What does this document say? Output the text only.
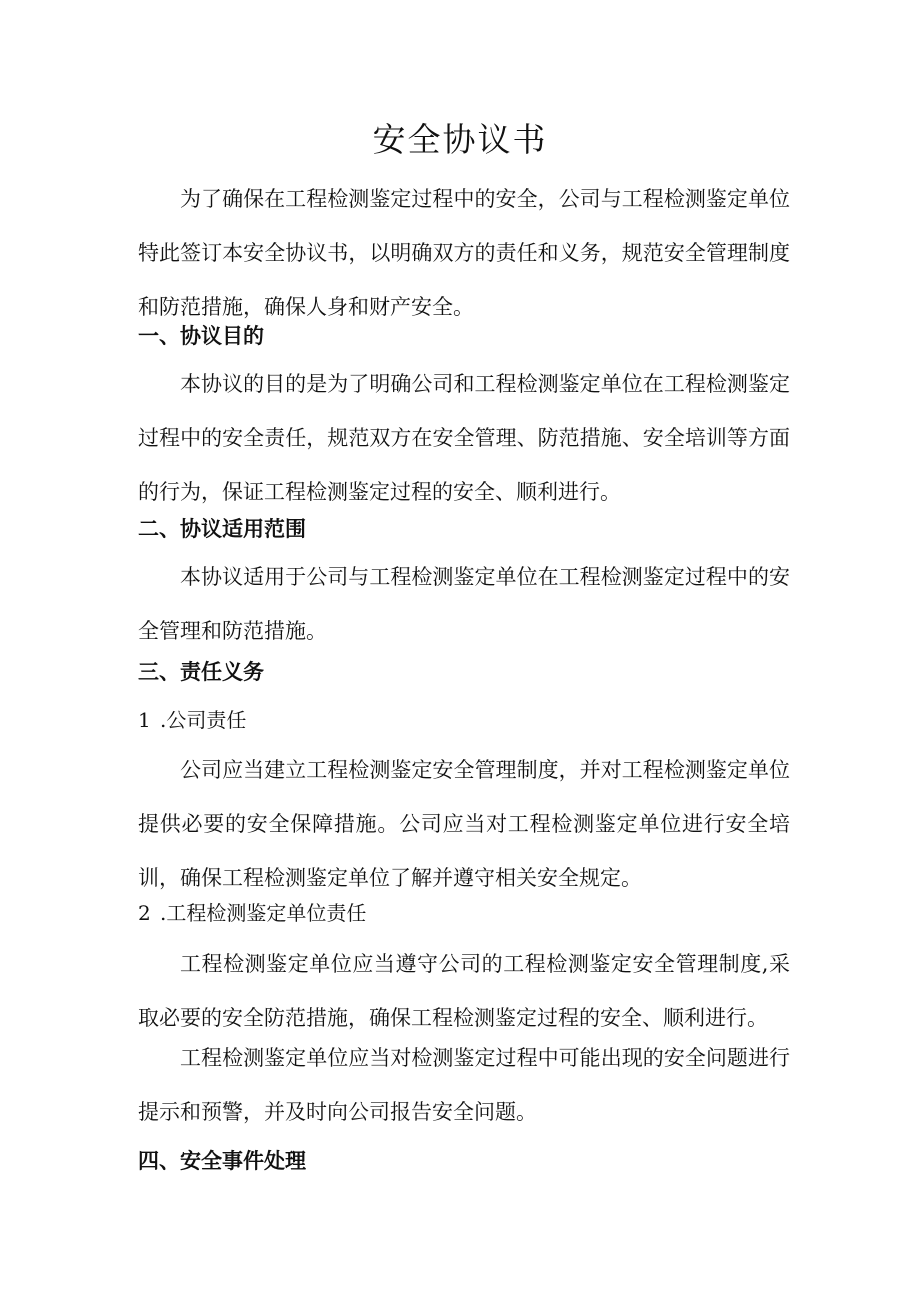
安全协议书

为了确保在工程检测鉴定过程中的安全，公司与工程检测鉴定单位特此签订本安全协议书，以明确双方的责任和义务，规范安全管理制度和防范措施，确保人身和财产安全。

一、协议目的

本协议的目的是为了明确公司和工程检测鉴定单位在工程检测鉴定过程中的安全责任，规范双方在安全管理、防范措施、安全培训等方面的行为，保证工程检测鉴定过程的安全、顺利进行。

二、协议适用范围

本协议适用于公司与工程检测鉴定单位在工程检测鉴定过程中的安全管理和防范措施。

三、责任义务
1 .公司责任

公司应当建立工程检测鉴定安全管理制度，并对工程检测鉴定单位提供必要的安全保障措施。公司应当对工程检测鉴定单位进行安全培训，确保工程检测鉴定单位了解并遵守相关安全规定。

2 .工程检测鉴定单位责任

工程检测鉴定单位应当遵守公司的工程检测鉴定安全管理制度,采取必要的安全防范措施，确保工程检测鉴定过程的安全、顺利进行。

工程检测鉴定单位应当对检测鉴定过程中可能出现的安全问题进行提示和预警，并及时向公司报告安全问题。

四、安全事件处理
